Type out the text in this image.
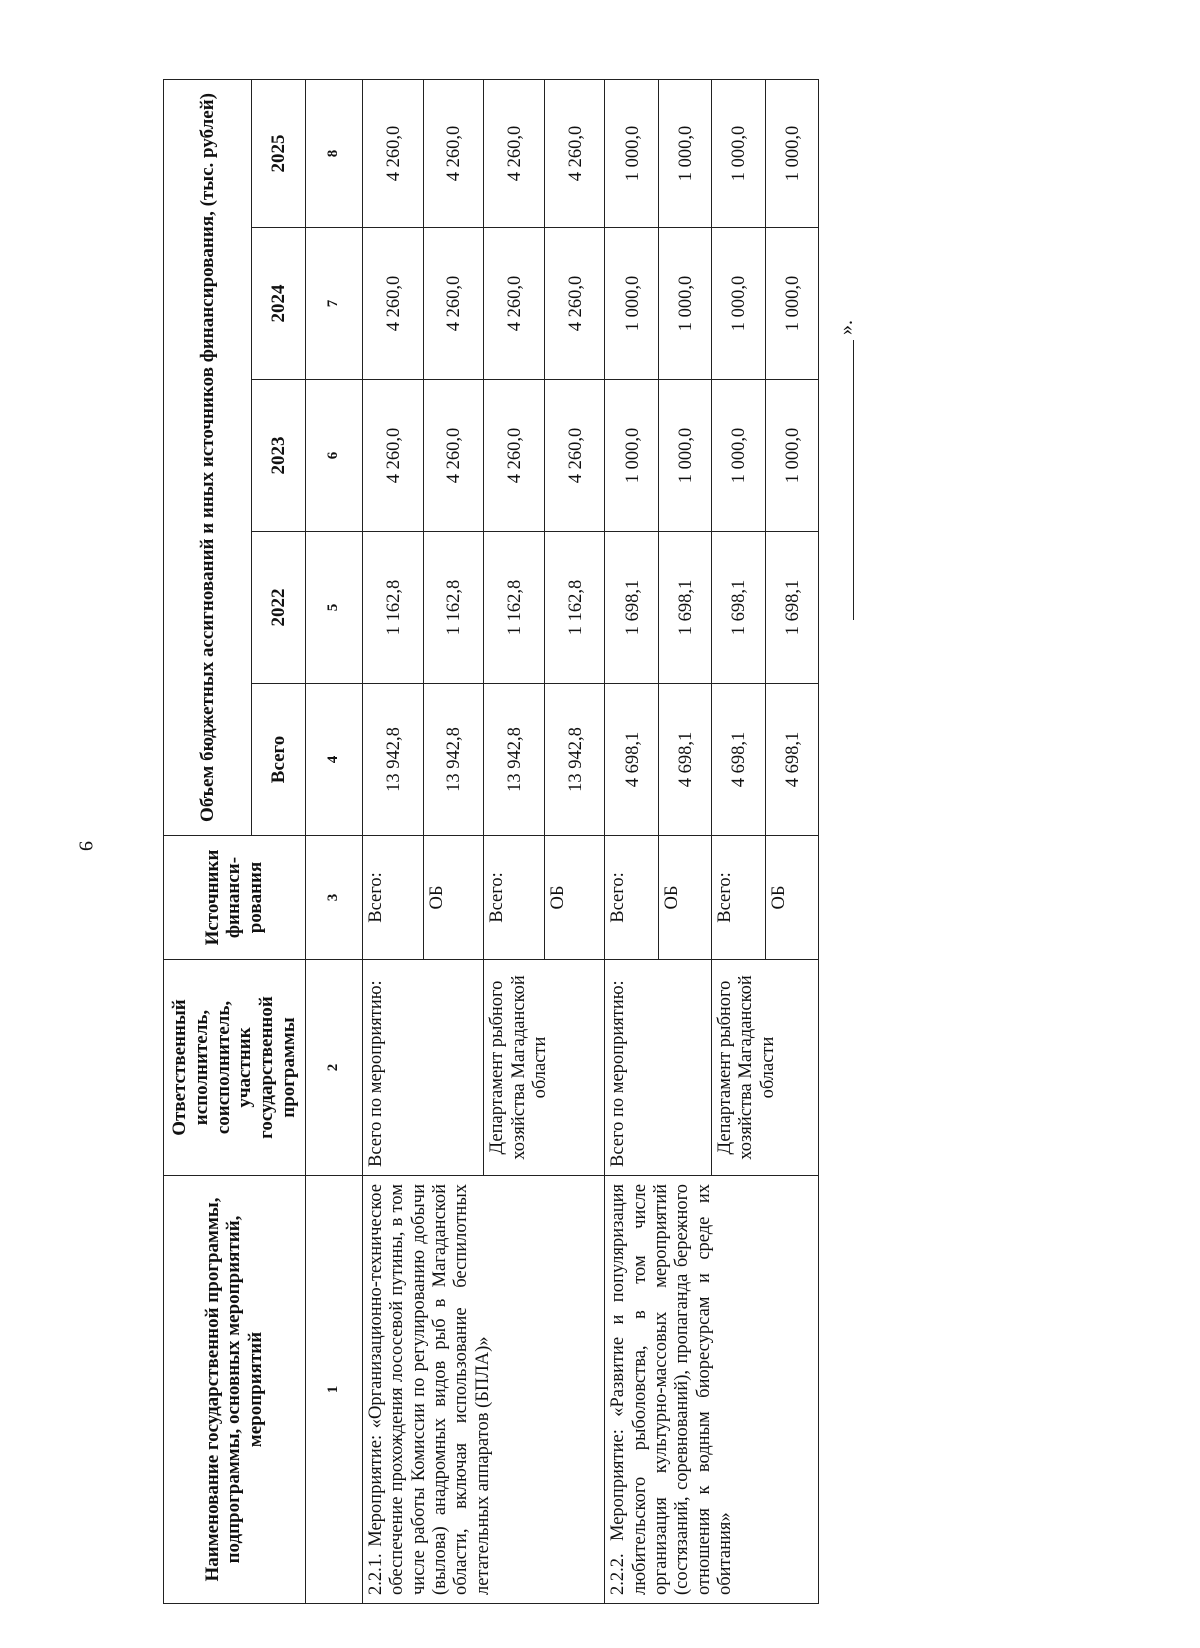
9
Наименование государственной программы, подпрограммы, основных мероприятий, мероприятий	Ответственный исполнитель, соисполнитель, участник государственной программы	Источники финанси-рования	Объем бюджетных ассигнований и иных источников финансирования, (тыс. рублей)				
			Всего	2022	2023	2024	2025
1	2	3	4	5	6	7	8
2.2.1. Мероприятие: «Организационно-техническое обеспечение прохождения лососевой путины, в том числе работы Комиссии по регулированию добычи (вылова) анадромных видов рыб в Магаданской области, включая использование беспилотных летательных аппаратов (БПЛА)»	Всего по мероприятию:	Всего:	13 942,8	1 162,8	4 260,0	4 260,0	4 260,0
		ОБ	13 942,8	1 162,8	4 260,0	4 260,0	4 260,0
	Департамент рыбного хозяйства Магаданской области	Всего:	13 942,8	1 162,8	4 260,0	4 260,0	4 260,0
		ОБ	13 942,8	1 162,8	4 260,0	4 260,0	4 260,0
2.2.2. Мероприятие: «Развитие и популяризация любительского рыболовства, в том числе организация культурно-массовых мероприятий (состязаний, соревнований), пропаганда бережного отношения к водным биоресурсам и среде их обитания»	Всего по мероприятию:	Всего:	4 698,1	1 698,1	1 000,0	1 000,0	1 000,0
		ОБ	4 698,1	1 698,1	1 000,0	1 000,0	1 000,0
	Департамент рыбного хозяйства Магаданской области	Всего:	4 698,1	1 698,1	1 000,0	1 000,0	1 000,0
		ОБ	4 698,1	1 698,1	1 000,0	1 000,0	1 000,0
».
